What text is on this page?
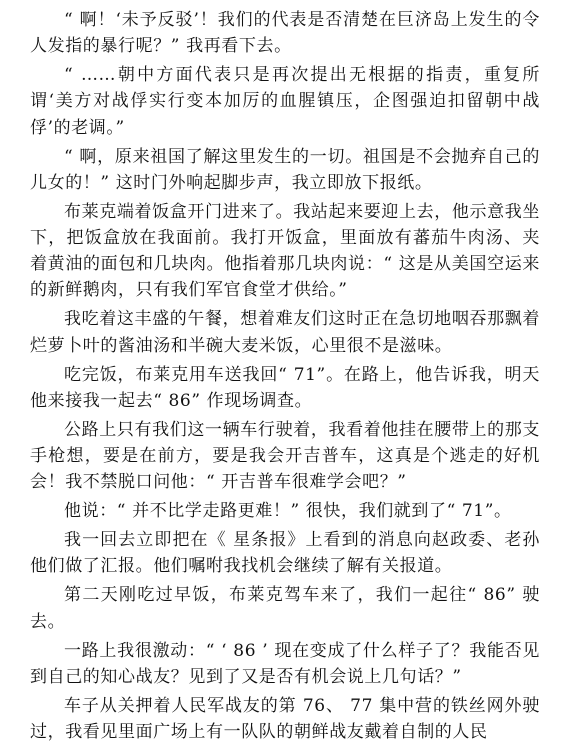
“ 啊！‘未予反驳’！我们的代表是否清楚在巨济岛上发生的令人发指的暴行呢？” 我再看下去。

“ ……朝中方面代表只是再次提出无根据的指责，重复所谓‘美方对战俘实行变本加厉的血腥镇压，企图强迫扣留朝中战俘’的老调。”

“ 啊，原来祖国了解这里发生的一切。祖国是不会抛弃自己的儿女的！” 这时门外响起脚步声，我立即放下报纸。

布莱克端着饭盒开门进来了。我站起来要迎上去，他示意我坐下，把饭盒放在我面前。我打开饭盒，里面放有蕃茄牛肉汤、夹着黄油的面包和几块肉。他指着那几块肉说：“ 这是从美国空运来的新鲜鹅肉，只有我们军官食堂才供给。”

我吃着这丰盛的午餐，想着难友们这时正在急切地咽吞那飘着烂萝卜叶的酱油汤和半碗大麦米饭，心里很不是滋味。

吃完饭，布莱克用车送我回“ 71”。在路上，他告诉我，明天他来接我一起去“ 86” 作现场调查。

公路上只有我们这一辆车行驶着，我看着他挂在腰带上的那支手枪想，要是在前方，要是我会开吉普车，这真是个逃走的好机会！我不禁脱口问他：“ 开吉普车很难学会吧？”

他说：“ 并不比学走路更难！” 很快，我们就到了“ 71”。

我一回去立即把在《 星条报》上看到的消息向赵政委、老孙他们做了汇报。他们嘱咐我找机会继续了解有关报道。

第二天刚吃过早饭，布莱克驾车来了，我们一起往“ 86” 驶去。

一路上我很激动：“ ‘ 86 ’ 现在变成了什么样子了？我能否见到自己的知心战友？见到了又是否有机会说上几句话？”

车子从关押着人民军战友的第 76、 77 集中营的铁丝网外驶过，我看见里面广场上有一队队的朝鲜战友戴着自制的人民
